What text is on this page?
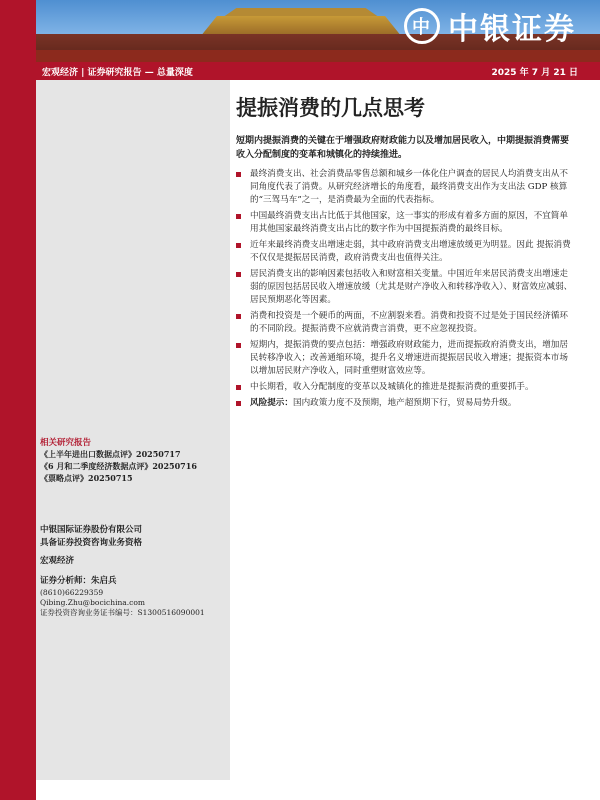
中 中银证券
宏观经济 | 证券研究报告 — 总量深度	2025 年 7 月 21 日
提振消费的几点思考
短期内提振消费的关键在于增强政府财政能力以及增加居民收入，中期提振消费需要收入分配制度的变革和城镇化的持续推进。
最终消费支出、社会消费品零售总额和城乡一体化住户调查的居民人均消费支出从不同角度代表了消费。从研究经济增长的角度看，最终消费支出作为支出法 GDP 核算的“三驾马车”之一，是消费最为全面的代表指标。
中国最终消费支出占比低于其他国家，这一事实的形成有着多方面的原因，不宜简单用其他国家最终消费支出占比的数字作为中国提振消费的最终目标。
近年来最终消费支出增速走弱，其中政府消费支出增速放缓更为明显。因此 提振消费不仅仅是提振居民消费，政府消费支出也值得关注。
居民消费支出的影响因素包括收入和财富相关变量。中国近年来居民消费支出增速走弱的原因包括居民收入增速放缓（尤其是财产净收入和转移净收入）、财富效应减弱、居民预期恶化等因素。
消费和投资是一个硬币的两面，不应割裂来看。消费和投资不过是处于国民经济循环的不同阶段。提振消费不应就消费言消费，更不应忽视投资。
短期内，提振消费的要点包括：增强政府财政能力，进而提振政府消费支出，增加居民转移净收入；改善通缩环境，提升名义增速进而提振居民收入增速；提振资本市场以增加居民财产净收入，同时重塑财富效应等。
中长期看，收入分配制度的变革以及城镇化的推进是提振消费的重要抓手。
风险提示：国内政策力度不及预期，地产超预期下行，贸易局势升级。
相关研究报告
《上半年进出口数据点评》20250717
《6 月和二季度经济数据点评》20250716
《票略点评》20250715
中银国际证券股份有限公司
具备证券投资咨询业务资格
宏观经济
证券分析师：朱启兵
(8610)66229359
Qibing.Zhu@bocichina.com
证券投资咨询业务证书编号：S1300516090001
